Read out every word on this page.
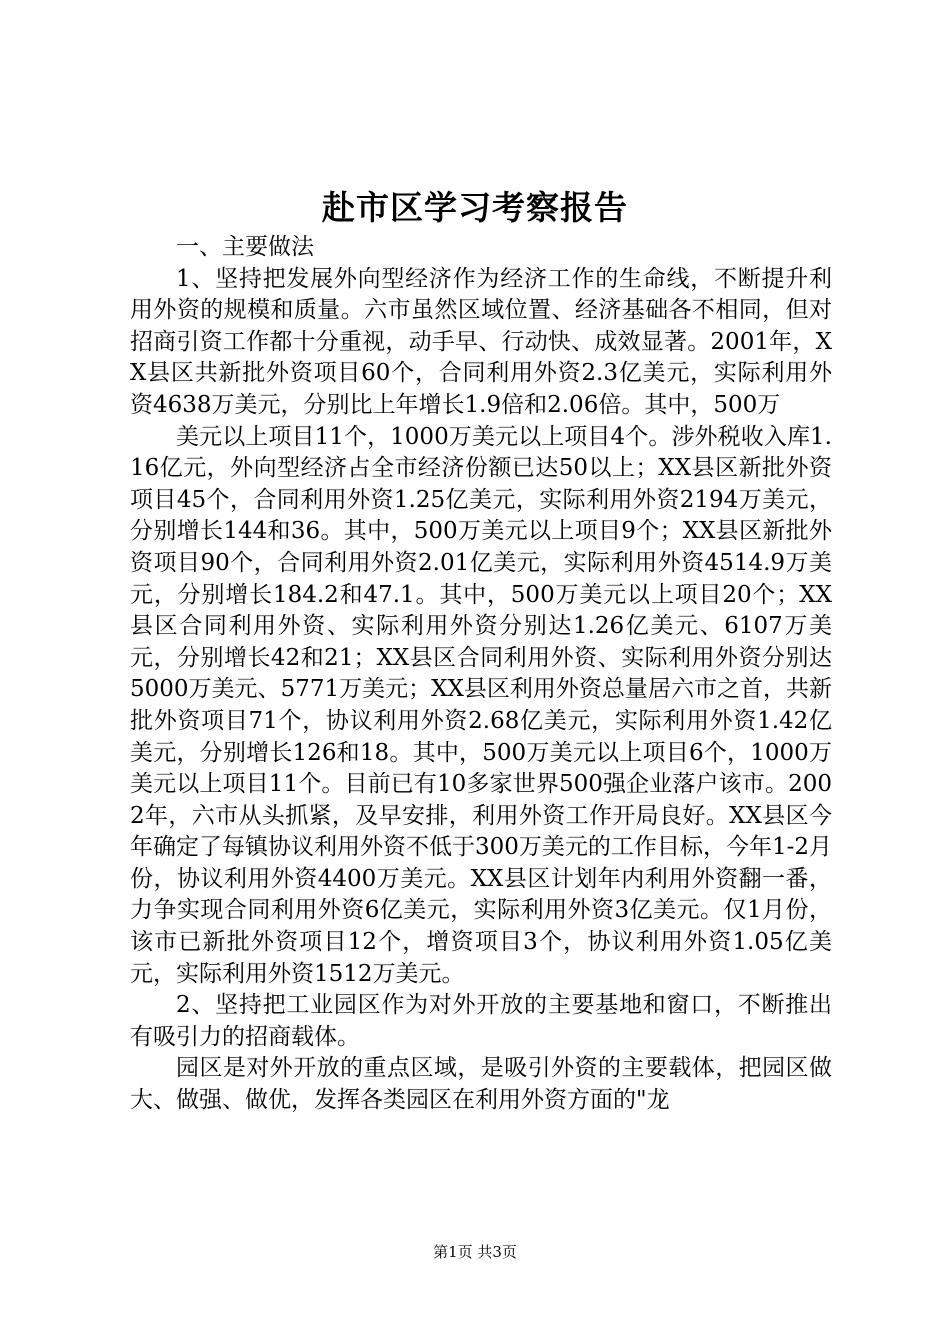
赴市区学习考察报告

一、主要做法

1、坚持把发展外向型经济作为经济工作的生命线，不断提升利用外资的规模和质量。六市虽然区域位置、经济基础各不相同，但对招商引资工作都十分重视，动手早、行动快、成效显著。2001年，XX县区共新批外资项目60个，合同利用外资2.3亿美元，实际利用外资4638万美元，分别比上年增长1.9倍和2.06倍。其中，500万

美元以上项目11个，1000万美元以上项目4个。涉外税收入库1.16亿元，外向型经济占全市经济份额已达50以上；XX县区新批外资项目45个，合同利用外资1.25亿美元，实际利用外资2194万美元，分别增长144和36。其中，500万美元以上项目9个；XX县区新批外资项目90个，合同利用外资2.01亿美元，实际利用外资4514.9万美元，分别增长184.2和47.1。其中，500万美元以上项目20个；XX县区合同利用外资、实际利用外资分别达1.26亿美元、6107万美元，分别增长42和21；XX县区合同利用外资、实际利用外资分别达5000万美元、5771万美元；XX县区利用外资总量居六市之首，共新批外资项目71个，协议利用外资2.68亿美元，实际利用外资1.42亿美元，分别增长126和18。其中，500万美元以上项目6个，1000万美元以上项目11个。目前已有10多家世界500强企业落户该市。2002年，六市从头抓紧，及早安排，利用外资工作开局良好。XX县区今年确定了每镇协议利用外资不低于300万美元的工作目标，今年1-2月份，协议利用外资4400万美元。XX县区计划年内利用外资翻一番，力争实现合同利用外资6亿美元，实际利用外资3亿美元。仅1月份，该市已新批外资项目12个，增资项目3个，协议利用外资1.05亿美元，实际利用外资1512万美元。

2、坚持把工业园区作为对外开放的主要基地和窗口，不断推出有吸引力的招商载体。

园区是对外开放的重点区域，是吸引外资的主要载体，把园区做大、做强、做优，发挥各类园区在利用外资方面的"龙

第1页 共3页
